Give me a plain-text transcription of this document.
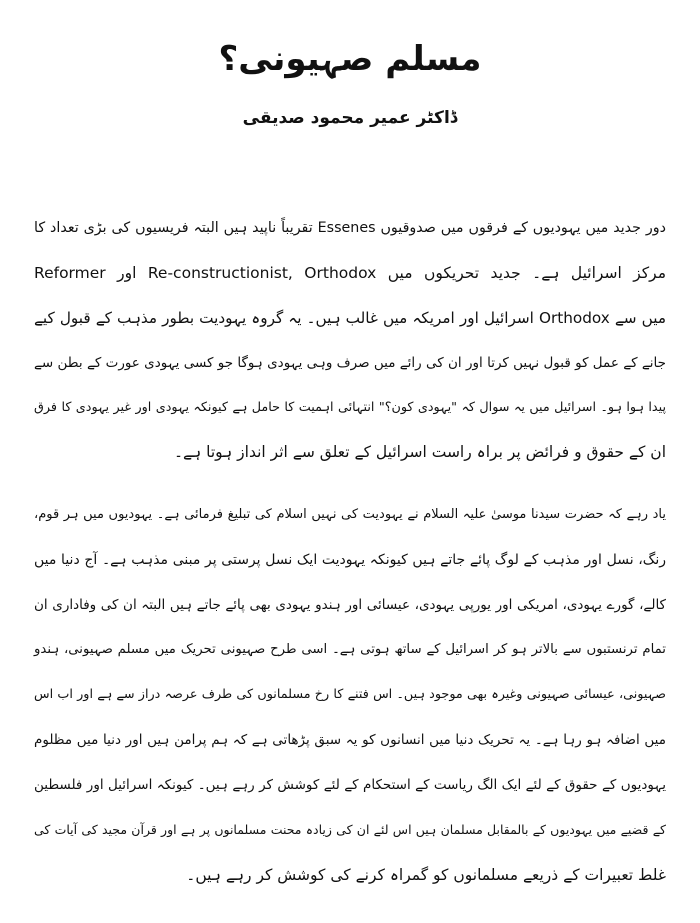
مسلم صہیونی؟
ڈاکٹر عمیر محمود صدیقی
دور جدید میں یہودیوں کے فرقوں میں صدوقیوں Essenes تقریباً ناپید ہیں البتہ فریسیوں کی بڑی تعداد کا
مرکز اسرائیل ہے۔ جدید تحریکوں میں Re-constructionist, Orthodox اور Reformer
میں سے Orthodox اسرائیل اور امریکہ میں غالب ہیں۔ یہ گروہ یہودیت بطور مذہب کے قبول کیے
جانے کے عمل کو قبول نہیں کرتا اور ان کی رائے میں صرف وہی یہودی ہوگا جو کسی یہودی عورت کے بطن سے
پیدا ہوا ہو۔ اسرائیل میں یہ سوال کہ "یہودی کون؟" انتہائی اہمیت کا حامل ہے کیونکہ یہودی اور غیر یہودی کا فرق
ان کے حقوق و فرائض پر براہ راست اسرائیل کے تعلق سے اثر انداز ہوتا ہے۔
یاد رہے کہ حضرت سیدنا موسیٰ علیہ السلام نے یہودیت کی نہیں اسلام کی تبلیغ فرمائی ہے۔ یہودیوں میں ہر قوم،
رنگ، نسل اور مذہب کے لوگ پائے جاتے ہیں کیونکہ یہودیت ایک نسل پرستی پر مبنی مذہب ہے۔ آج دنیا میں
کالے، گورے یہودی، امریکی اور یورپی یہودی، عیسائی اور ہندو یہودی بھی پائے جاتے ہیں البتہ ان کی وفاداری ان
تمام ترنستبوں سے بالاتر ہو کر اسرائیل کے ساتھ ہوتی ہے۔ اسی طرح صہیونی تحریک میں مسلم صہیونی، ہندو
صہیونی، عیسائی صہیونی وغیرہ بھی موجود ہیں۔ اس فتنے کا رخ مسلمانوں کی طرف عرصہ دراز سے ہے اور اب اس
میں اضافہ ہو رہا ہے۔ یہ تحریک دنیا میں انسانوں کو یہ سبق پڑھاتی ہے کہ ہم پرامن ہیں اور دنیا میں مظلوم
یہودیوں کے حقوق کے لئے ایک الگ ریاست کے استحکام کے لئے کوشش کر رہے ہیں۔ کیونکہ اسرائیل اور فلسطین
کے قضیے میں یہودیوں کے بالمقابل مسلمان ہیں اس لئے ان کی زیادہ محنت مسلمانوں پر ہے اور قرآن مجید کی آیات کی
غلط تعبیرات کے ذریعے مسلمانوں کو گمراہ کرنے کی کوشش کر رہے ہیں۔
